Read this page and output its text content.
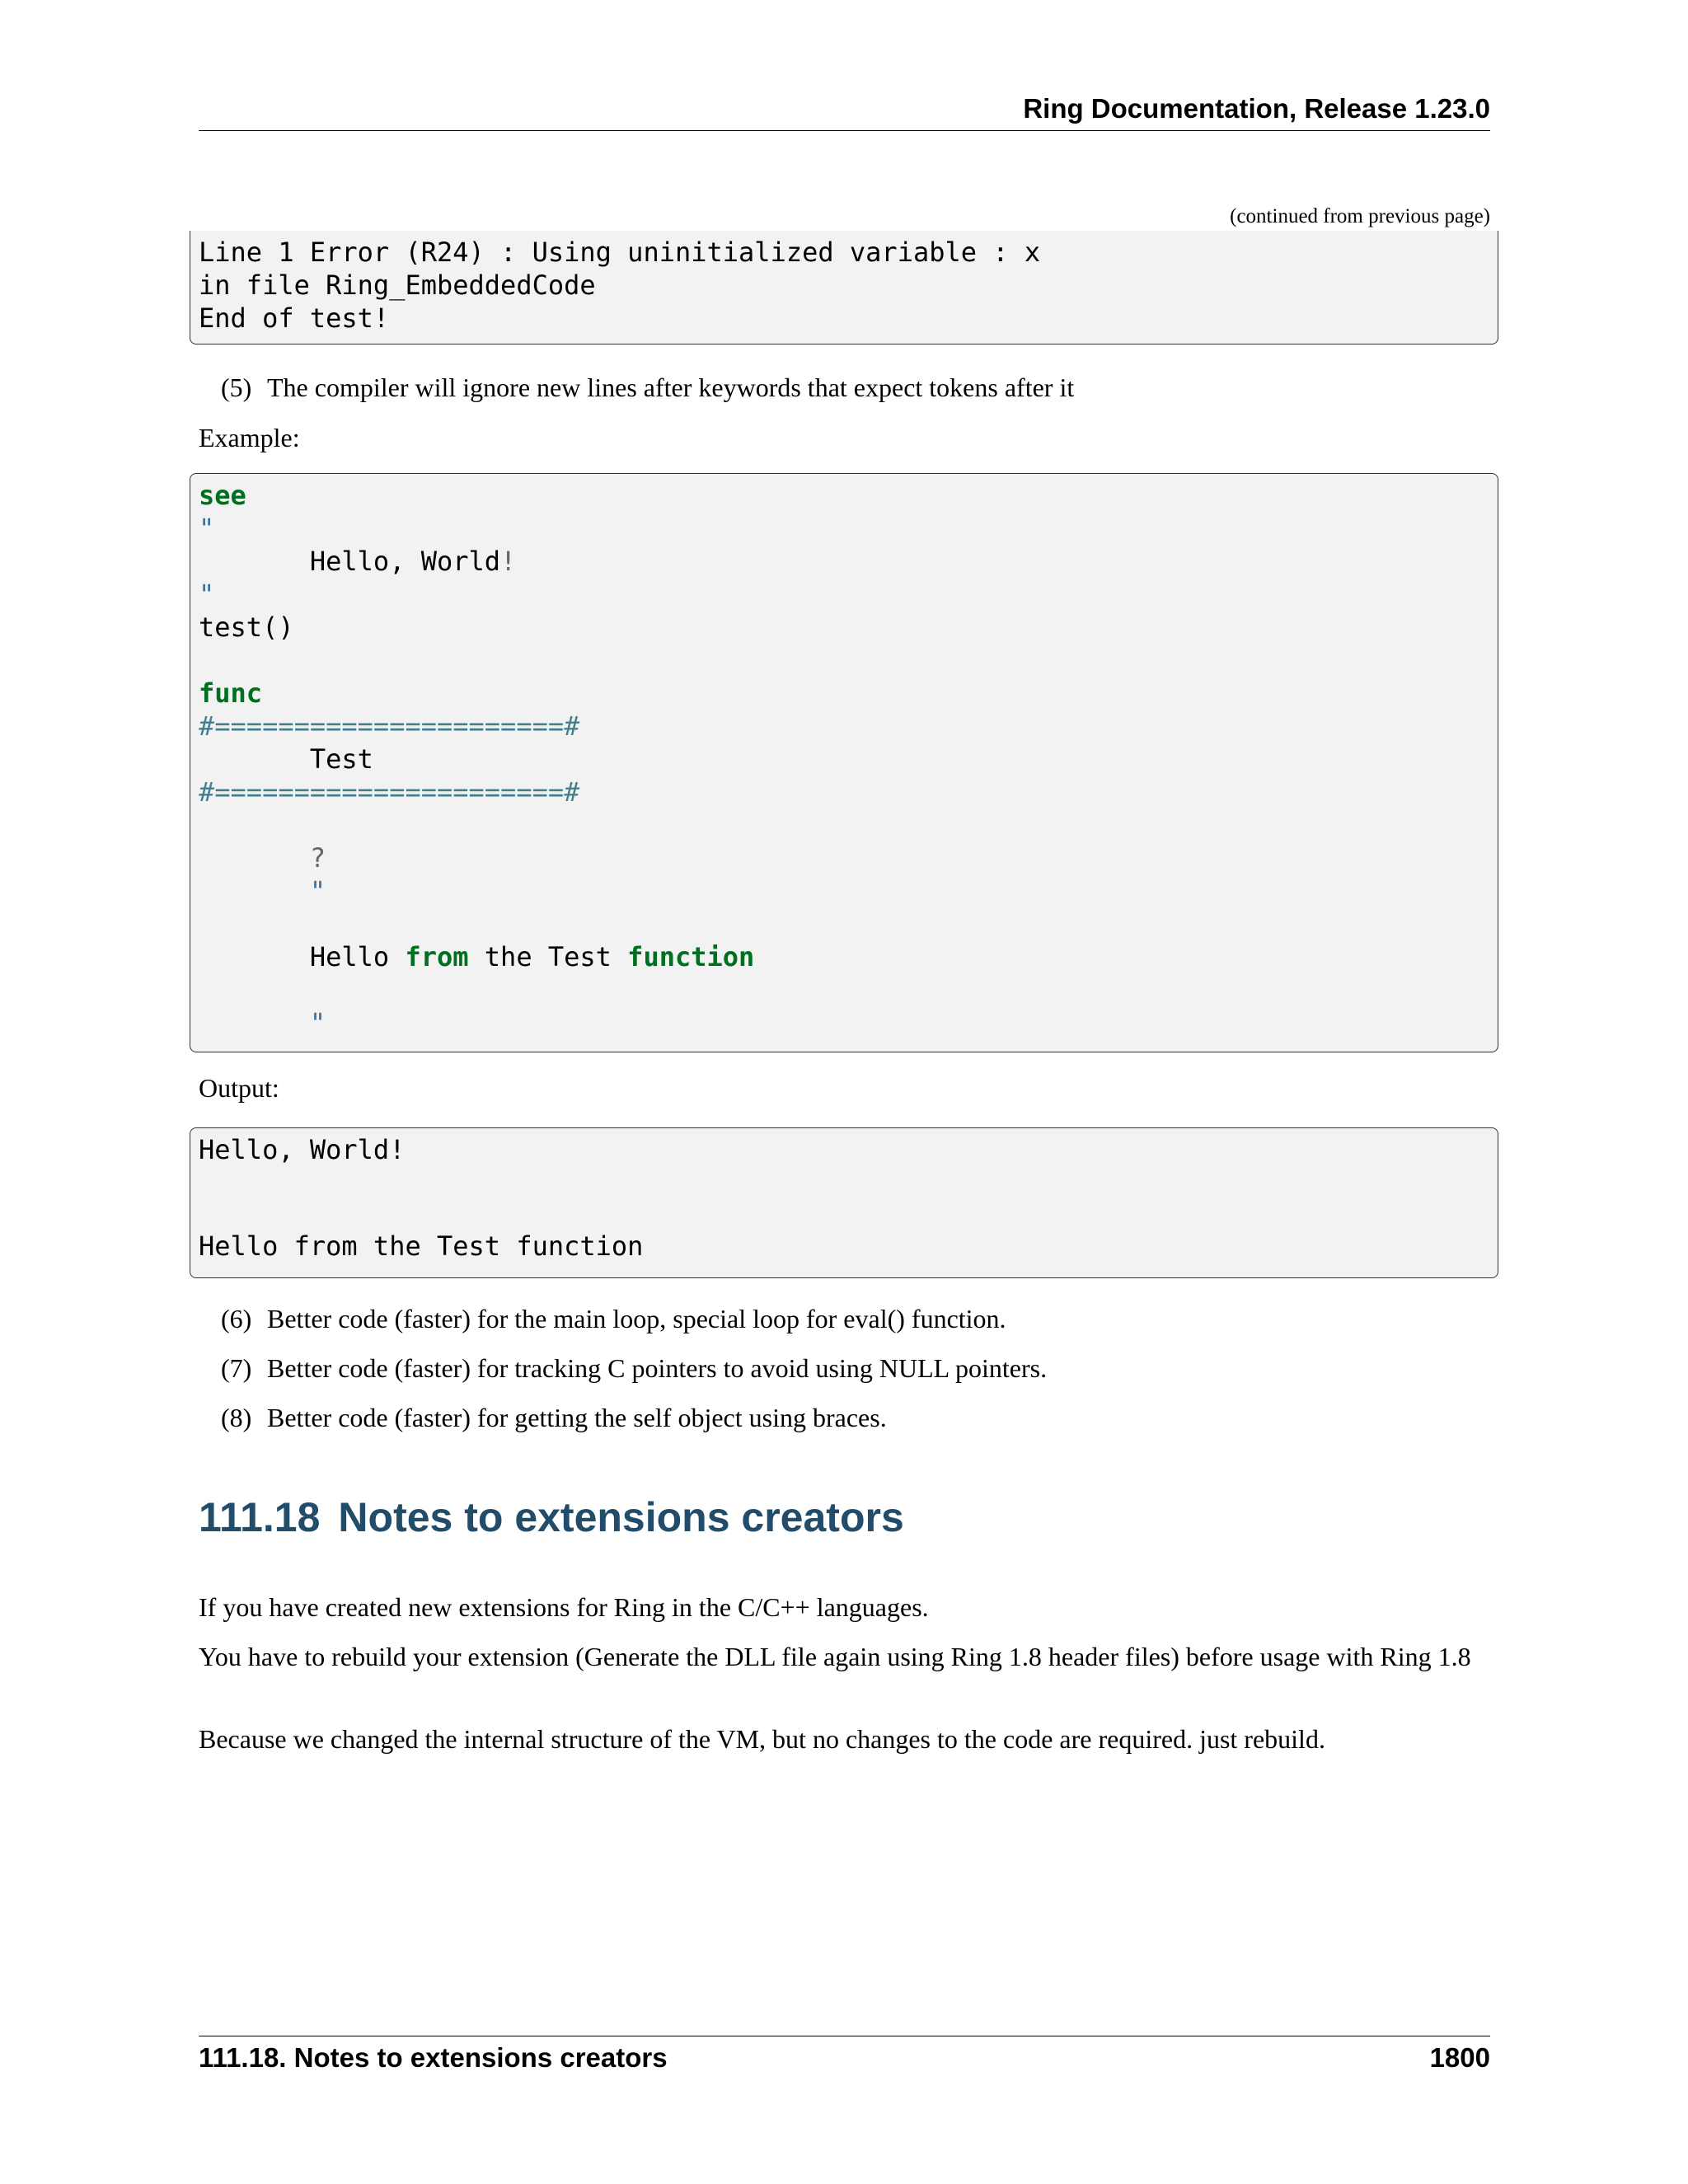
Ring Documentation, Release 1.23.0
(continued from previous page)
Line 1 Error (R24) : Using uninitialized variable : x
in file Ring_EmbeddedCode
End of test!
(5) The compiler will ignore new lines after keywords that expect tokens after it
Example:
see
"
Hello, World!
"
test()
func
#======================#
Test
#======================#
?
"
Hello from the Test function
"
Output:
Hello, World!
Hello from the Test function
(6) Better code (faster) for the main loop, special loop for eval() function.
(7) Better code (faster) for tracking C pointers to avoid using NULL pointers.
(8) Better code (faster) for getting the self object using braces.
111.18 Notes to extensions creators
If you have created new extensions for Ring in the C/C++ languages.
You have to rebuild your extension (Generate the DLL file again using Ring 1.8 header files) before usage with Ring 1.8
Because we changed the internal structure of the VM, but no changes to the code are required. just rebuild.
111.18. Notes to extensions creators	1800
